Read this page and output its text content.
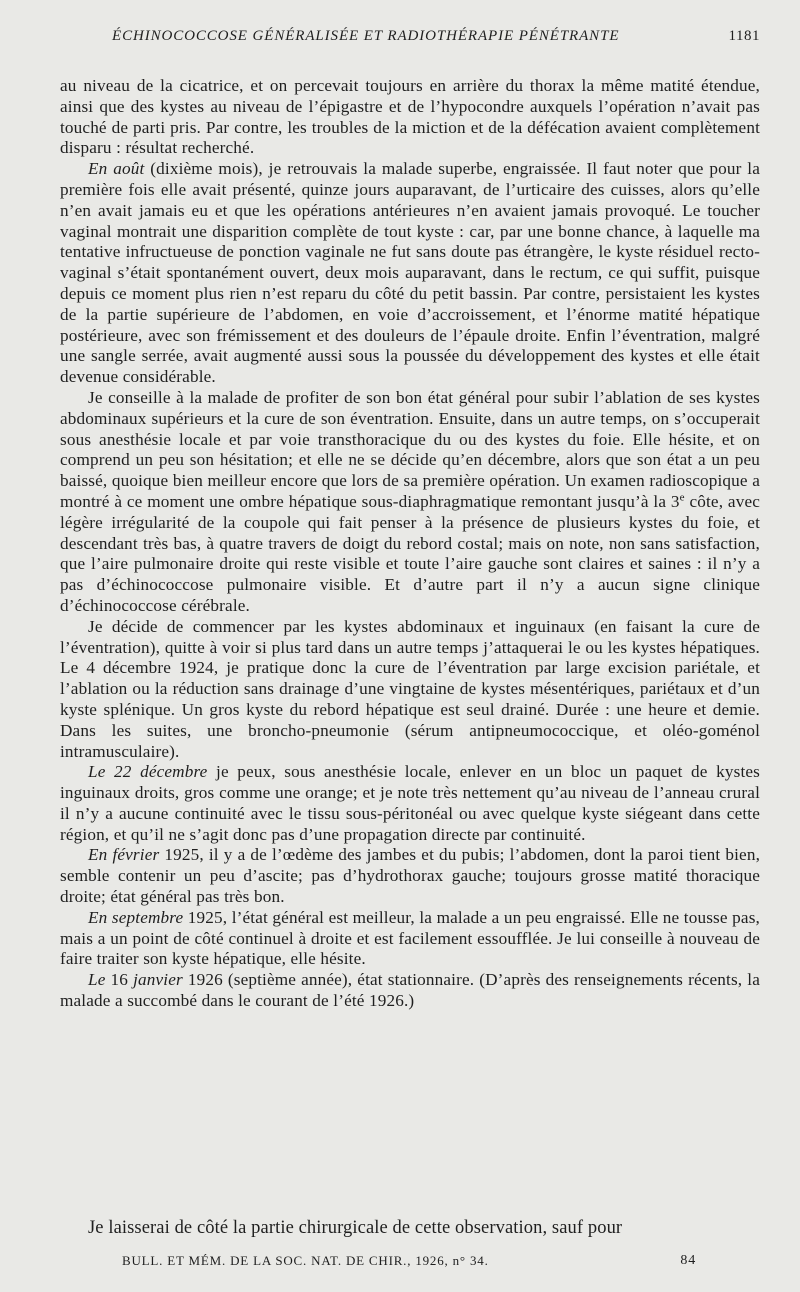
ÉCHINOCOCCOSE GÉNÉRALISÉE ET RADIOTHÉRAPIE PÉNÉTRANTE	1181

au niveau de la cicatrice, et on percevait toujours en arrière du thorax la même matité étendue, ainsi que des kystes au niveau de l’épigastre et de l’hypocondre auxquels l’opération n’avait pas touché de parti pris. Par contre, les troubles de la miction et de la défécation avaient complètement disparu : résultat recherché.

En août (dixième mois), je retrouvais la malade superbe, engraissée. Il faut noter que pour la première fois elle avait présenté, quinze jours auparavant, de l’urticaire des cuisses, alors qu’elle n’en avait jamais eu et que les opérations antérieures n’en avaient jamais provoqué. Le toucher vaginal montrait une disparition complète de tout kyste : car, par une bonne chance, à laquelle ma tentative infructueuse de ponction vaginale ne fut sans doute pas étrangère, le kyste résiduel recto-vaginal s’était spontanément ouvert, deux mois auparavant, dans le rectum, ce qui suffit, puisque depuis ce moment plus rien n’est reparu du côté du petit bassin. Par contre, persistaient les kystes de la partie supérieure de l’abdomen, en voie d’accroissement, et l’énorme matité hépatique postérieure, avec son frémissement et des douleurs de l’épaule droite. Enfin l’éventration, malgré une sangle serrée, avait augmenté aussi sous la poussée du développement des kystes et elle était devenue considérable.

Je conseille à la malade de profiter de son bon état général pour subir l’ablation de ses kystes abdominaux supérieurs et la cure de son éventration. Ensuite, dans un autre temps, on s’occuperait sous anesthésie locale et par voie transthoracique du ou des kystes du foie. Elle hésite, et on comprend un peu son hésitation; et elle ne se décide qu’en décembre, alors que son état a un peu baissé, quoique bien meilleur encore que lors de sa première opération. Un examen radioscopique a montré à ce moment une ombre hépatique sous-diaphragmatique remontant jusqu’à la 3e côte, avec légère irrégularité de la coupole qui fait penser à la présence de plusieurs kystes du foie, et descendant très bas, à quatre travers de doigt du rebord costal; mais on note, non sans satisfaction, que l’aire pulmonaire droite qui reste visible et toute l’aire gauche sont claires et saines : il n’y a pas d’échinococcose pulmonaire visible. Et d’autre part il n’y a aucun signe clinique d’échinococcose cérébrale.

Je décide de commencer par les kystes abdominaux et inguinaux (en faisant la cure de l’éventration), quitte à voir si plus tard dans un autre temps j’attaquerai le ou les kystes hépatiques. Le 4 décembre 1924, je pratique donc la cure de l’éventration par large excision pariétale, et l’ablation ou la réduction sans drainage d’une vingtaine de kystes mésentériques, pariétaux et d’un kyste splénique. Un gros kyste du rebord hépatique est seul drainé. Durée : une heure et demie. Dans les suites, une broncho-pneumonie (sérum antipneumococcique, et oléo-goménol intramusculaire).

Le 22 décembre je peux, sous anesthésie locale, enlever en un bloc un paquet de kystes inguinaux droits, gros comme une orange; et je note très nettement qu’au niveau de l’anneau crural il n’y a aucune continuité avec le tissu sous-péritonéal ou avec quelque kyste siégeant dans cette région, et qu’il ne s’agit donc pas d’une propagation directe par continuité.

En février 1925, il y a de l’œdème des jambes et du pubis; l’abdomen, dont la paroi tient bien, semble contenir un peu d’ascite; pas d’hydrothorax gauche; toujours grosse matité thoracique droite; état général pas très bon.

En septembre 1925, l’état général est meilleur, la malade a un peu engraissé. Elle ne tousse pas, mais a un point de côté continuel à droite et est facilement essoufflée. Je lui conseille à nouveau de faire traiter son kyste hépatique, elle hésite.

Le 16 janvier 1926 (septième année), état stationnaire. (D’après des renseignements récents, la malade a succombé dans le courant de l’été 1926.)

Je laisserai de côté la partie chirurgicale de cette observation, sauf pour
BULL. ET MÉM. DE LA SOC. NAT. DE CHIR., 1926, n° 34.	84
